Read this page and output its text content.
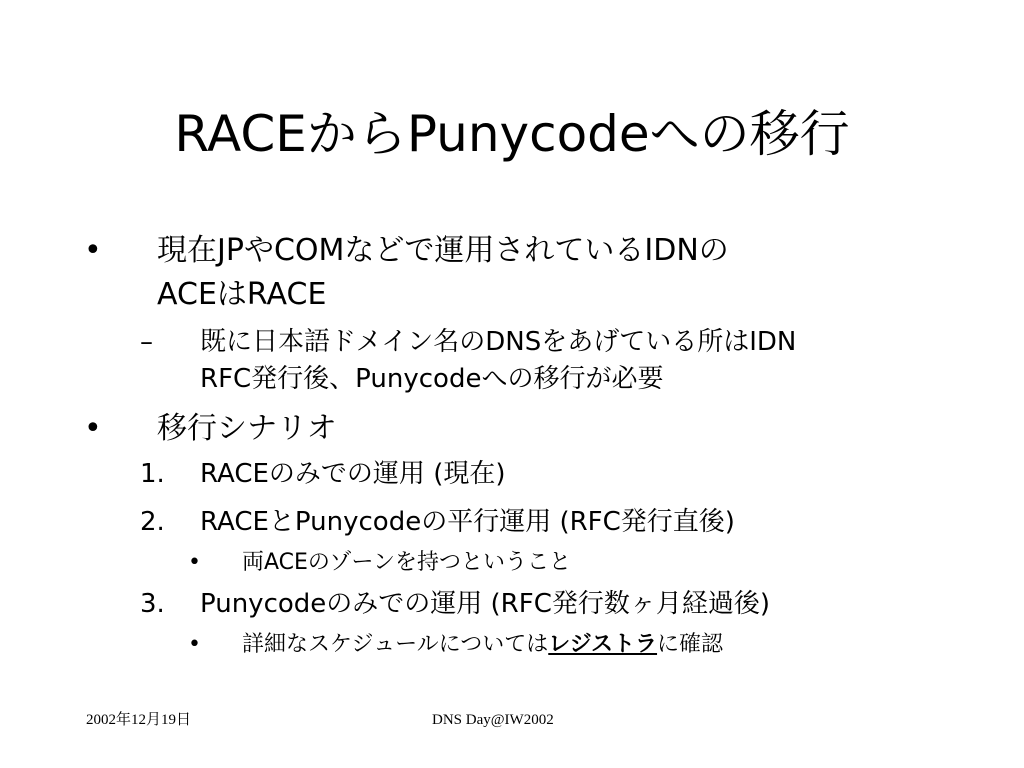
RACEからPunycodeへの移行
• 現在JPやCOMなどで運用されているIDNの
ACEはRACE
– 既に日本語ドメイン名のDNSをあげている所はIDN
RFC発行後、Punycodeへの移行が必要
• 移行シナリオ
1. RACEのみでの運用 (現在)
2. RACEとPunycodeの平行運用 (RFC発行直後)
• 両ACEのゾーンを持つということ
3. Punycodeのみでの運用 (RFC発行数ヶ月経過後)
• 詳細なスケジュールについてはレジストラに確認
2002年12月19日	DNS Day@IW2002
